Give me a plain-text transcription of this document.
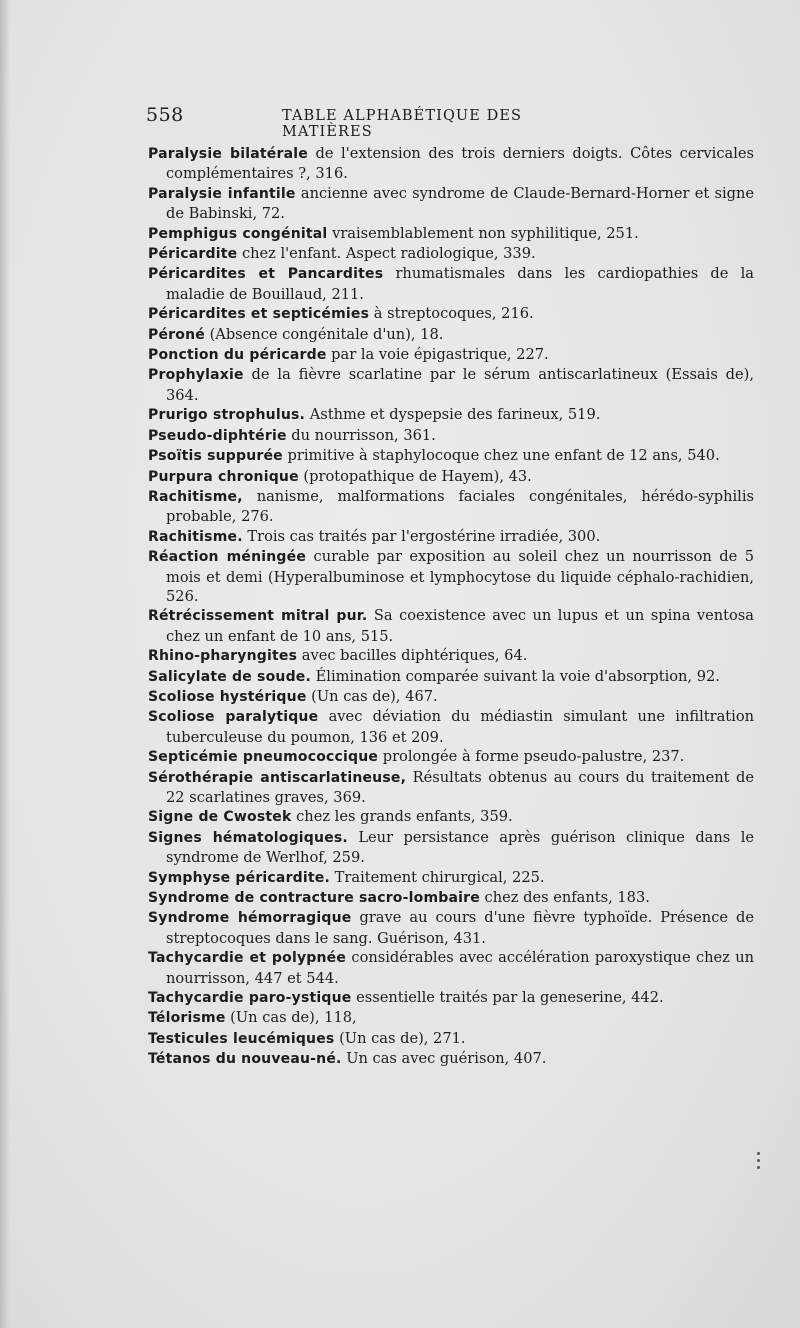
558	TABLE ALPHABÉTIQUE DES MATIÈRES

Paralysie bilatérale de l'extension des trois derniers doigts. Côtes cervicales complémentaires ?, 316.

Paralysie infantile ancienne avec syndrome de Claude-Bernard-Horner et signe de Babinski, 72.

Pemphigus congénital vraisemblablement non syphilitique, 251.

Péricardite chez l'enfant. Aspect radiologique, 339.

Péricardites et Pancardites rhumatismales dans les cardiopathies de la maladie de Bouillaud, 211.

Péricardites et septicémies à streptocoques, 216.

Péroné (Absence congénitale d'un), 18.

Ponction du péricarde par la voie épigastrique, 227.

Prophylaxie de la fièvre scarlatine par le sérum antiscarlatineux (Essais de), 364.

Prurigo strophulus. Asthme et dyspepsie des farineux, 519.

Pseudo-diphtérie du nourrisson, 361.

Psoïtis suppurée primitive à staphylocoque chez une enfant de 12 ans, 540.

Purpura chronique (protopathique de Hayem), 43.

Rachitisme, nanisme, malformations faciales congénitales, hérédo-syphilis probable, 276.

Rachitisme. Trois cas traités par l'ergostérine irradiée, 300.

Réaction méningée curable par exposition au soleil chez un nourrisson de 5 mois et demi (Hyperalbuminose et lymphocytose du liquide céphalo-rachidien, 526.

Rétrécissement mitral pur. Sa coexistence avec un lupus et un spina ventosa chez un enfant de 10 ans, 515.

Rhino-pharyngites avec bacilles diphtériques, 64.

Salicylate de soude. Élimination comparée suivant la voie d'absorption, 92.

Scoliose hystérique (Un cas de), 467.

Scoliose paralytique avec déviation du médiastin simulant une infiltration tuberculeuse du poumon, 136 et 209.

Septicémie pneumococcique prolongée à forme pseudo-palustre, 237.

Sérothérapie antiscarlatineuse, Résultats obtenus au cours du traitement de 22 scarlatines graves, 369.

Signe de Cwostek chez les grands enfants, 359.

Signes hématologiques. Leur persistance après guérison clinique dans le syndrome de Werlhof, 259.

Symphyse péricardite. Traitement chirurgical, 225.

Syndrome de contracture sacro-lombaire chez des enfants, 183.

Syndrome hémorragique grave au cours d'une fièvre typhoïde. Présence de streptocoques dans le sang. Guérison, 431.

Tachycardie et polypnée considérables avec accélération paroxystique chez un nourrisson, 447 et 544.

Tachycardie paro-ystique essentielle traités par la geneserine, 442.

Télorisme (Un cas de), 118,

Testicules leucémiques (Un cas de), 271.

Tétanos du nouveau-né. Un cas avec guérison, 407.
